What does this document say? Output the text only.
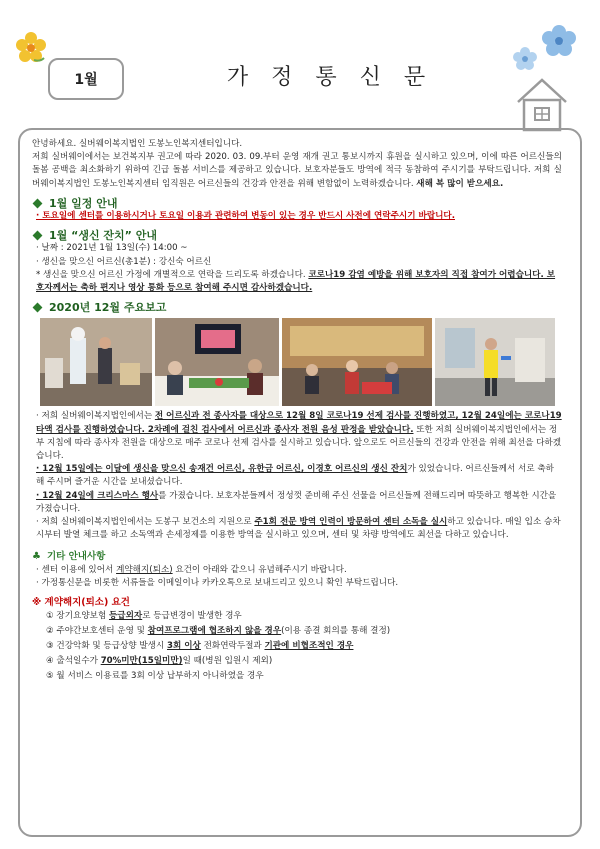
1월	가 정 통 신 문

안녕하세요. 실버웨이복지법인 도봉노인복지센터입니다.

저희 실버웨이에서는 보건복지부 권고에 따라 2020. 03. 09.부터 운영 재개 권고 통보시까지 휴원을 실시하고 있으며, 이에 따른 어르신들의 돌봄 공백을 최소화하기 위하여 긴급 돌봄 서비스를 제공하고 있습니다. 보호자분들도 방역에 적극 동참하여 주시기를 부탁드립니다. 저희 실버웨이복지법인 도봉노인복지센터 임직원은 어르신들의 건강과 안전을 위해 변함없이 노력하겠습니다. 새해 복 많이 받으세요.

1월 일정 안내

· 토요일에 센터를 이용하시거나 토요일 이용과 관련하여 변동이 있는 경우 반드시 사전에 연락주시기 바랍니다.

1월 “생신 잔치” 안내

· 날짜 : 2021년 1월 13일(수) 14:00 ~

· 생신을 맞으신 어르신(총1분) : 강신숙 어르신

* 생신을 맞으신 어르신 가정에 개별적으로 연락을 드리도록 하겠습니다. 코로나19 감염 예방을 위해 보호자의 직접 참여가 어렵습니다. 보호자께서는 축하 편지나 영상 통화 등으로 참여해 주시면 감사하겠습니다.

2020년 12월 주요보고

· 저희 실버웨이복지법인에서는 전 어르신과 전 종사자를 대상으로 12월 8일 코로나19 선제 검사를 진행하였고, 12월 24일에는 코로나19 타액 검사를 진행하였습니다. 2차례에 걸친 검사에서 어르신과 종사자 전원 음성 판정을 받았습니다. 또한 저희 실버웨이복지법인에서는 정부 지침에 따라 종사자 전원을 대상으로 매주 코로나 선제 검사를 실시하고 있습니다. 앞으로도 어르신들의 건강과 안전을 위해 최선을 다하겠습니다.

· 12월 15일에는 이달에 생신을 맞으신 송재건 어르신, 유한금 어르신, 이경호 어르신의 생신 잔치가 있었습니다. 어르신들께서 서로 축하해 주시며 즐거운 시간을 보내셨습니다.

· 12월 24일에 크리스마스 행사를 가졌습니다. 보호자분들께서 정성껏 준비해 주신 선물을 어르신들께 전해드리며 따뜻하고 행복한 시간을 가졌습니다.

· 저희 실버웨이복지법인에서는 도봉구 보건소의 지원으로 주1회 전문 방역 인력이 방문하여 센터 소독을 실시하고 있습니다. 매일 입소 승차시부터 발열 체크를 하고 소독액과 손세정제를 이용한 방역을 실시하고 있으며, 센터 및 차량 방역에도 최선을 다하고 있습니다.

♣ 기타 안내사항

· 센터 이용에 있어서 계약해지(퇴소) 요건이 아래와 같으니 유념해주시기 바랍니다.

· 가정통신문을 비롯한 서류들을 이메일이나 카카오톡으로 보내드리고 있으니 확인 부탁드립니다.

※ 계약해지(퇴소) 요건

① 장기요양보험 등급외자로 등급변경이 발생한 경우

② 주야간보호센터 운영 및 참여프로그램에 협조하지 않을 경우(이용 종결 회의를 통해 결정)

③ 건강악화 및 등급상향 발생시 3회 이상 전화연락두절과 기관에 비협조적인 경우

④ 출석일수가 70%미만(15일미만)일 때(병원 입원시 제외)

⑤ 월 서비스 이용료를 3회 이상 납부하지 아니하였을 경우
